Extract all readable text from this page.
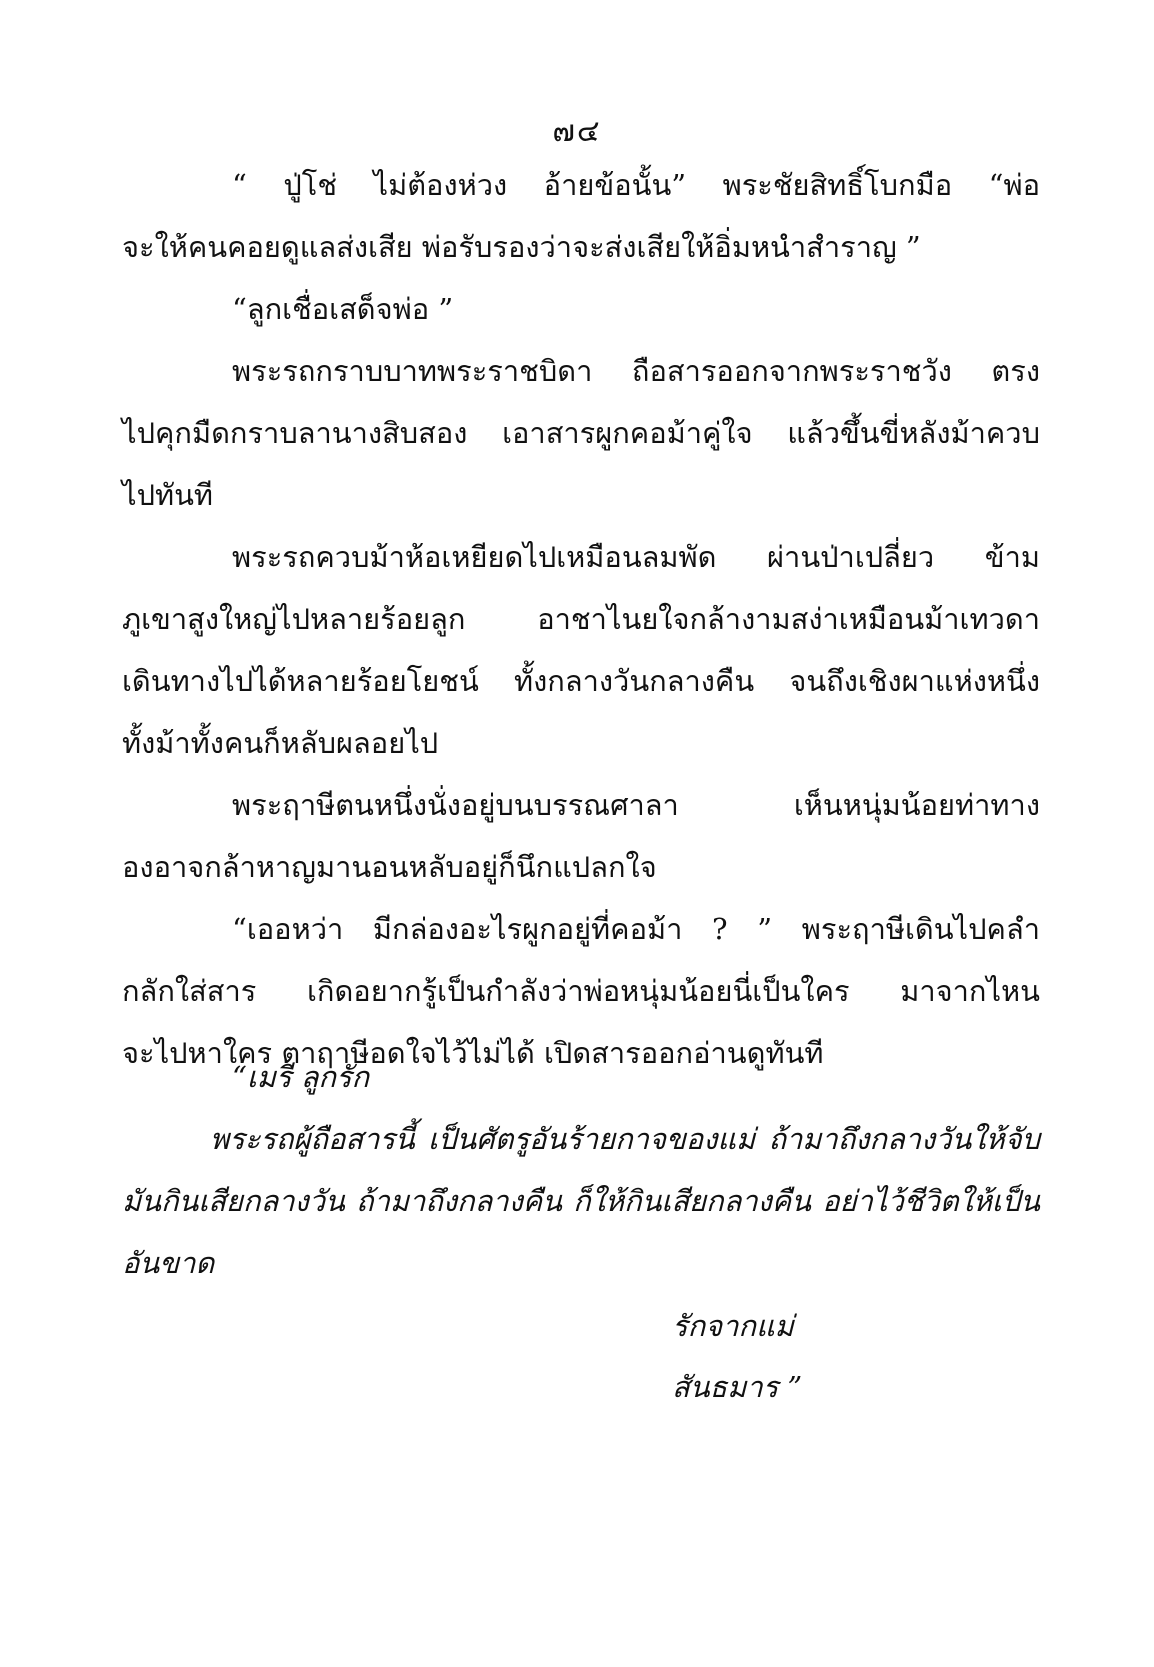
๗๔
“ ปู่โช่ ไม่ต้องห่วง อ้ายข้อนั้น” พระชัยสิทธิ์โบกมือ “พ่อ
จะให้คนคอยดูแลส่งเสีย พ่อรับรองว่าจะส่งเสียให้อิ่มหนำสำราญ ”
“ลูกเชื่อเสด็จพ่อ ”
พระรถกราบบาทพระราชบิดา ถือสารออกจากพระราชวัง ตรง
ไปคุกมืดกราบลานางสิบสอง เอาสารผูกคอม้าคู่ใจ แล้วขึ้นขี่หลังม้าควบ
ไปทันที
พระรถควบม้าห้อเหยียดไปเหมือนลมพัด ผ่านป่าเปลี่ยว ข้าม
ภูเขาสูงใหญ่ไปหลายร้อยลูก อาชาไนยใจกล้างามสง่าเหมือนม้าเทวดา
เดินทางไปได้หลายร้อยโยชน์ ทั้งกลางวันกลางคืน จนถึงเชิงผาแห่งหนึ่ง
ทั้งม้าทั้งคนก็หลับผลอยไป
พระฤาษีตนหนึ่งนั่งอยู่บนบรรณศาลา เห็นหนุ่มน้อยท่าทาง
องอาจกล้าหาญมานอนหลับอยู่ก็นึกแปลกใจ
“เออหว่า มีกล่องอะไรผูกอยู่ที่คอม้า ? ” พระฤาษีเดินไปคลำ
กลักใส่สาร เกิดอยากรู้เป็นกำลังว่าพ่อหนุ่มน้อยนี่เป็นใคร มาจากไหน
จะไปหาใคร ตาฤาษีอดใจไว้ไม่ได้ เปิดสารออกอ่านดูทันที
“เมรี ลูกรัก
พระรถผู้ถือสารนี้ เป็นศัตรูอันร้ายกาจของแม่ ถ้ามาถึงกลางวันให้จับ
มันกินเสียกลางวัน ถ้ามาถึงกลางคืน ก็ให้กินเสียกลางคืน อย่าไว้ชีวิตให้เป็น
อันขาด
รักจากแม่
สันธมาร ”
